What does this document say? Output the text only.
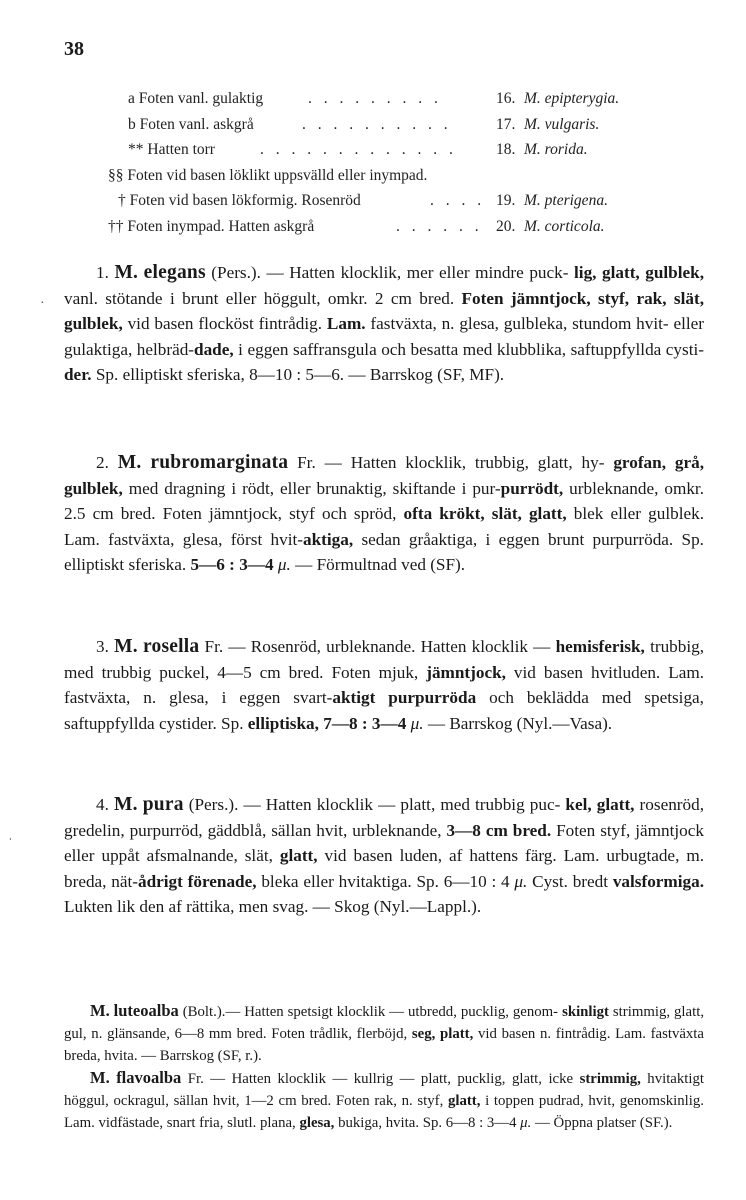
38
a Foten vanl. gulaktig	. . . . . . . . .	16. M. epipterygia.
b Foten vanl. askgrå	. . . . . . . . . .	17. M. vulgaris.
** Hatten torr	. . . . . . . . . . . . .	18. M. rorida.
§§ Foten vid basen löklikt uppsvälld eller inympad.
† Foten vid basen lökformig. Rosenröd	. . . . 19. M. pterigena.
†† Foten inympad. Hatten askgrå	. . . . . . 20. M. corticola.
·

1. M. elegans (Pers.). — Hatten klocklik, mer eller mindre puck- lig, glatt, gulblek, vanl. stötande i brunt eller höggult, omkr. 2 cm bred. Foten jämntjock, styf, rak, slät, gulblek, vid basen flocköst fintrådig. Lam. fastväxta, n. glesa, gulbleka, stundom hvit- eller gulaktiga, helbräd-dade, i eggen saffransgula och besatta med klubblika, saftuppfyllda cysti-der. Sp. elliptiskt sferiska, 8—10 : 5—6. — Barrskog (SF, MF).

2. M. rubromarginata Fr. — Hatten klocklik, trubbig, glatt, hy- grofan, grå, gulblek, med dragning i rödt, eller brunaktig, skiftande i pur-purrödt, urbleknande, omkr. 2.5 cm bred. Foten jämntjock, styf och spröd, ofta krökt, slät, glatt, blek eller gulblek. Lam. fastväxta, glesa, först hvit-aktiga, sedan gråaktiga, i eggen brunt purpurröda. Sp. elliptiskt sferiska. 5—6 : 3—4 μ. — Förmultnad ved (SF).

3. M. rosella Fr. — Rosenröd, urbleknande. Hatten klocklik — hemisferisk, trubbig, med trubbig puckel, 4—5 cm bred. Foten mjuk, jämntjock, vid basen hvitluden. Lam. fastväxta, n. glesa, i eggen svart-aktigt purpurröda och beklädda med spetsiga, saftuppfyllda cystider. Sp. elliptiska, 7—8 : 3—4 μ. — Barrskog (Nyl.—Vasa).

ˌ

4. M. pura (Pers.). — Hatten klocklik — platt, med trubbig puc- kel, glatt, rosenröd, gredelin, purpurröd, gäddblå, sällan hvit, urbleknande, 3—8 cm bred. Foten styf, jämntjock eller uppåt afsmalnande, slät, glatt, vid basen luden, af hattens färg. Lam. urbugtade, m. breda, nät-ådrigt förenade, bleka eller hvitaktiga. Sp. 6—10 : 4 μ. Cyst. bredt valsformiga. Lukten lik den af rättika, men svag. — Skog (Nyl.—Lappl.).

M. luteoalba (Bolt.).— Hatten spetsigt klocklik — utbredd, pucklig, genom- skinligt strimmig, glatt, gul, n. glänsande, 6—8 mm bred. Foten trådlik, flerböjd, seg, platt, vid basen n. fintrådig. Lam. fastväxta breda, hvita. — Barrskog (SF, r.).

M. flavoalba Fr. — Hatten klocklik — kullrig — platt, pucklig, glatt, icke strimmig, hvitaktigt höggul, ockragul, sällan hvit, 1—2 cm bred. Foten rak, n. styf, glatt, i toppen pudrad, hvit, genomskinlig. Lam. vidfästade, snart fria, slutl. plana, glesa, bukiga, hvita. Sp. 6—8 : 3—4 μ. — Öppna platser (SF.).
